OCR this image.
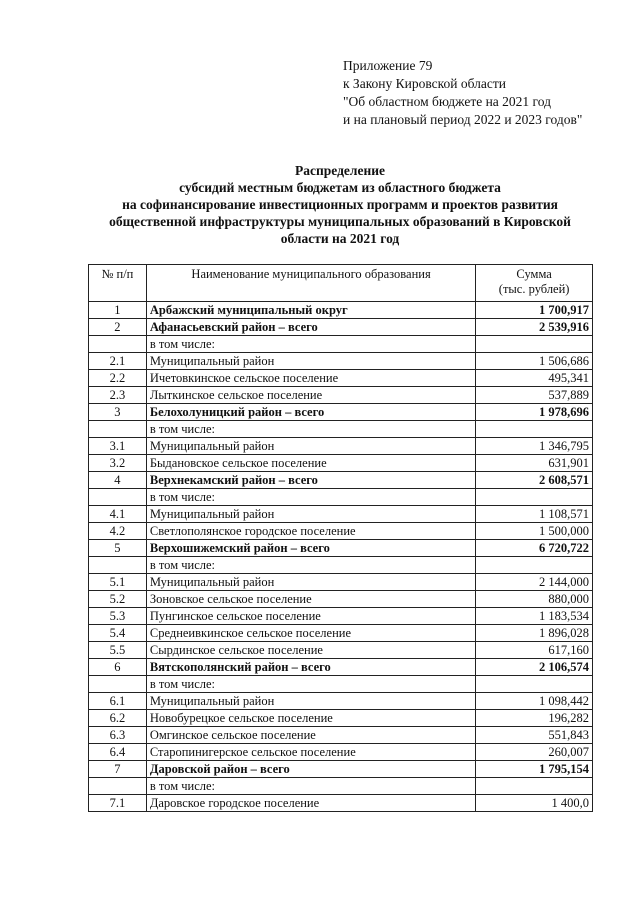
Приложение 79
к Закону Кировской области
"Об областном бюджете на 2021 год
и на плановый период 2022 и 2023 годов"
Распределение
субсидий местным бюджетам из областного бюджета
на софинансирование инвестиционных программ и проектов развития
общественной инфраструктуры муниципальных образований в Кировской
области на 2021 год
№ п/п	Наименование муниципального образования	Сумма
(тыс. рублей)

1	Арбажский муниципальный округ	1 700,917
2	Афанасьевский район – всего	2 539,916
	в том числе:	
2.1	Муниципальный район	1 506,686
2.2	Ичетовкинское сельское поселение	495,341
2.3	Лыткинское сельское поселение	537,889
3	Белохолуницкий район – всего	1 978,696
	в том числе:	
3.1	Муниципальный район	1 346,795
3.2	Быдановское сельское поселение	631,901
4	Верхнекамский район – всего	2 608,571
	в том числе:	
4.1	Муниципальный район	1 108,571
4.2	Светлополянское городское поселение	1 500,000
5	Верхошижемский район – всего	6 720,722
	в том числе:	
5.1	Муниципальный район	2 144,000
5.2	Зоновское сельское поселение	880,000
5.3	Пунгинское сельское поселение	1 183,534
5.4	Среднеивкинское сельское поселение	1 896,028
5.5	Сырдинское сельское поселение	617,160
6	Вятскополянский район – всего	2 106,574
	в том числе:	
6.1	Муниципальный район	1 098,442
6.2	Новобурецкое сельское поселение	196,282
6.3	Омгинское сельское поселение	551,843
6.4	Старопинигерское сельское поселение	260,007
7	Даровской район – всего	1 795,154
	в том числе:	
7.1	Даровское городское поселение	1 400,0
